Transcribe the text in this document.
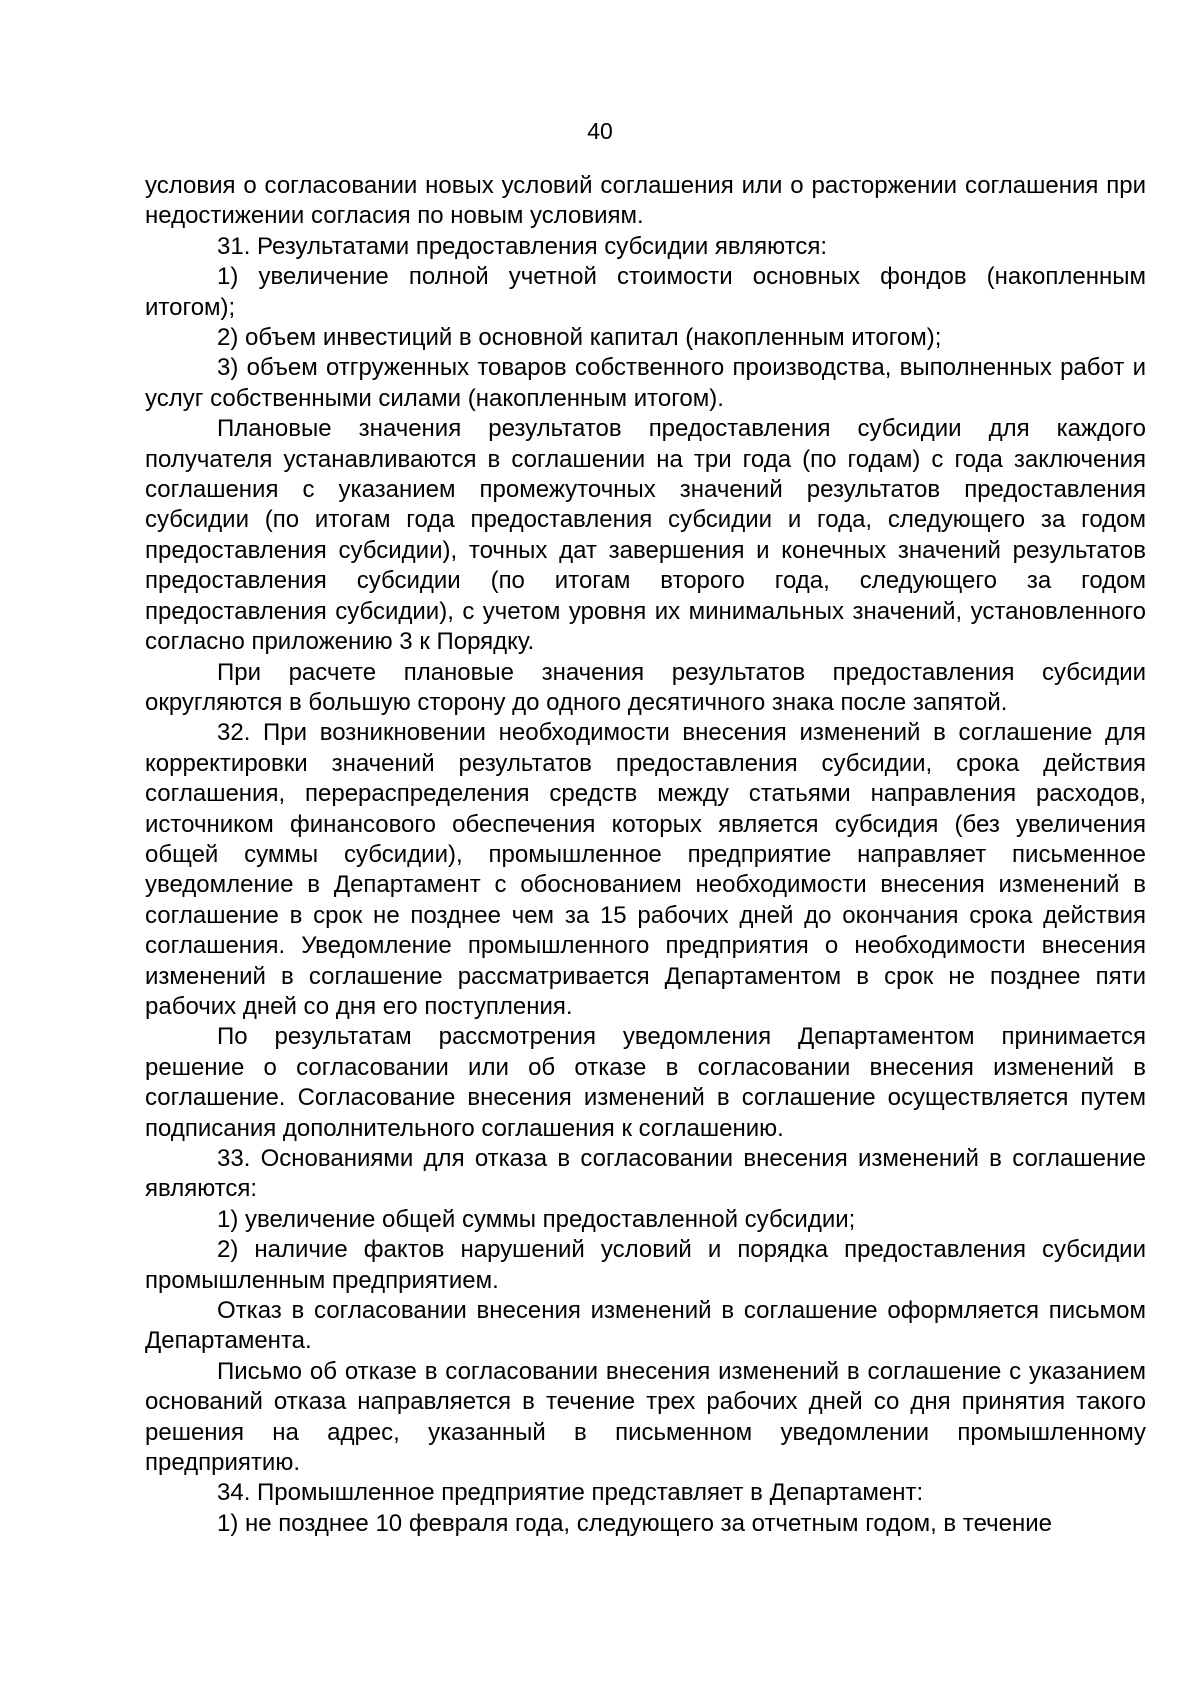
40

условия о согласовании новых условий соглашения или о расторжении соглашения при недостижении согласия по новым условиям.

31. Результатами предоставления субсидии являются:

1) увеличение полной учетной стоимости основных фондов (накопленным итогом);

2) объем инвестиций в основной капитал (накопленным итогом);

3) объем отгруженных товаров собственного производства, выполненных работ и услуг собственными силами (накопленным итогом).

Плановые значения результатов предоставления субсидии для каждого получателя устанавливаются в соглашении на три года (по годам) с года заключения соглашения с указанием промежуточных значений результатов предоставления субсидии (по итогам года предоставления субсидии и года, следующего за годом предоставления субсидии), точных дат завершения и конечных значений результатов предоставления субсидии (по итогам второго года, следующего за годом предоставления субсидии), с учетом уровня их минимальных значений, установленного согласно приложению 3 к Порядку.

При расчете плановые значения результатов предоставления субсидии округляются в большую сторону до одного десятичного знака после запятой.

32. При возникновении необходимости внесения изменений в соглашение для корректировки значений результатов предоставления субсидии, срока действия соглашения, перераспределения средств между статьями направления расходов, источником финансового обеспечения которых является субсидия (без увеличения общей суммы субсидии), промышленное предприятие направляет письменное уведомление в Департамент с обоснованием необходимости внесения изменений в соглашение в срок не позднее чем за 15 рабочих дней до окончания срока действия соглашения. Уведомление промышленного предприятия о необходимости внесения изменений в соглашение рассматривается Департаментом в срок не позднее пяти рабочих дней со дня его поступления.

По результатам рассмотрения уведомления Департаментом принимается решение о согласовании или об отказе в согласовании внесения изменений в соглашение. Согласование внесения изменений в соглашение осуществляется путем подписания дополнительного соглашения к соглашению.

33. Основаниями для отказа в согласовании внесения изменений в соглашение являются:

1) увеличение общей суммы предоставленной субсидии;

2) наличие фактов нарушений условий и порядка предоставления субсидии промышленным предприятием.

Отказ в согласовании внесения изменений в соглашение оформляется письмом Департамента.

Письмо об отказе в согласовании внесения изменений в соглашение с указанием оснований отказа направляется в течение трех рабочих дней со дня принятия такого решения на адрес, указанный в письменном уведомлении промышленному предприятию.

34. Промышленное предприятие представляет в Департамент:

1) не позднее 10 февраля года, следующего за отчетным годом, в течение
